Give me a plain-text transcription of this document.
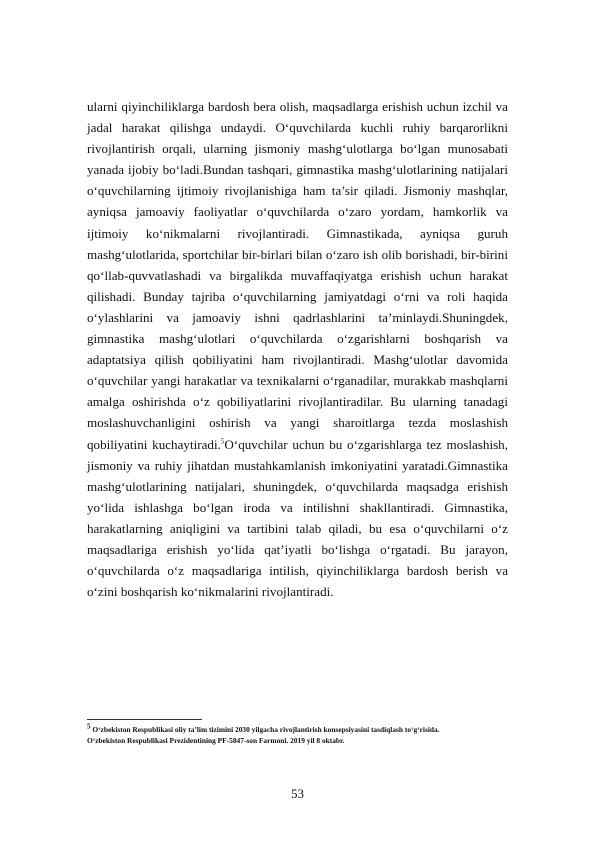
ularni qiyinchiliklarga bardosh bera olish, maqsadlarga erishish uchun izchil va jadal harakat qilishga undaydi. O‘quvchilarda kuchli ruhiy barqarorlikni rivojlantirish orqali, ularning jismoniy mashg‘ulotlarga bo‘lgan munosabati yanada ijobiy bo‘ladi.Bundan tashqari, gimnastika mashg‘ulotlarining natijalari o‘quvchilarning ijtimoiy rivojlanishiga ham ta’sir qiladi. Jismoniy mashqlar, ayniqsa jamoaviy faoliyatlar o‘quvchilarda o‘zaro yordam, hamkorlik va ijtimoiy ko‘nikmalarni rivojlantiradi. Gimnastikada, ayniqsa guruh mashg‘ulotlarida, sportchilar bir-birlari bilan o‘zaro ish olib borishadi, bir-birini qo‘llab-quvvatlashadi va birgalikda muvaffaqiyatga erishish uchun harakat qilishadi. Bunday tajriba o‘quvchilarning jamiyatdagi o‘rni va roli haqida o‘ylashlarini va jamoaviy ishni qadrlashlarini ta’minlaydi.Shuningdek, gimnastika mashg‘ulotlari o‘quvchilarda o‘zgarishlarni boshqarish va adaptatsiya qilish qobiliyatini ham rivojlantiradi. Mashg‘ulotlar davomida o‘quvchilar yangi harakatlar va texnikalarni o‘rganadilar, murakkab mashqlarni amalga oshirishda o‘z qobiliyatlarini rivojlantiradilar. Bu ularning tanadagi moslashuvchanligini oshirish va yangi sharoitlarga tezda moslashish qobiliyatini kuchaytiradi.$^5$O‘quvchilar uchun bu o‘zgarishlarga tez moslashish, jismoniy va ruhiy jihatdan mustahkamlanish imkoniyatini yaratadi.Gimnastika mashg‘ulotlarining natijalari, shuningdek, o‘quvchilarda maqsadga erishish yo‘lida ishlashga bo‘lgan iroda va intilishni shakllantiradi. Gimnastika, harakatlarning aniqligini va tartibini talab qiladi, bu esa o‘quvchilarni o‘z maqsadlariga erishish yo‘lida qat’iyatli bo‘lishga o‘rgatadi. Bu jarayon, o‘quvchilarda o‘z maqsadlariga intilish, qiyinchiliklarga bardosh berish va o‘zini boshqarish ko‘nikmalarini rivojlantiradi.

$^5$ O‘zbekiston Respublikasi oliy ta’lim tizimini 2030 yilgacha rivojlantirish konsepsiyasini tasdiqlash to‘g‘risida.

O‘zbekiston Respublikasi Prezidentining PF-5847-son Farmoni. 2019 yil 8 oktabr.

53
